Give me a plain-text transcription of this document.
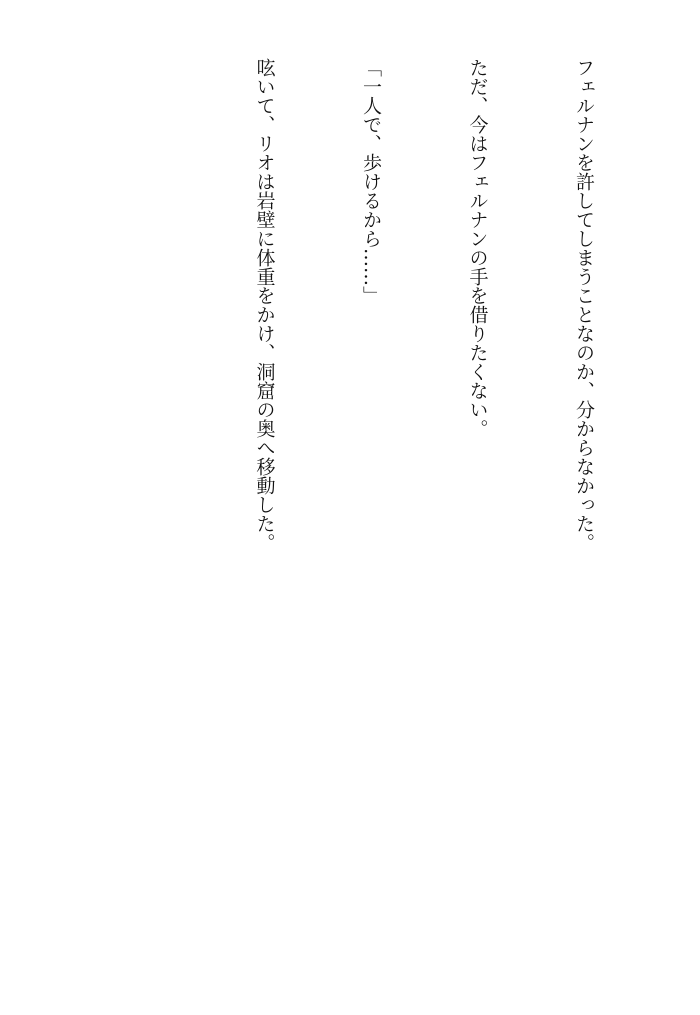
フェルナンを許してしまうことなのか、分からなかった。

ただ、今はフェルナンの手を借りたくない。

「一人で、歩けるから……」

呟いて、リオは岩壁に体重をかけ、洞窟の奥へ移動した。
